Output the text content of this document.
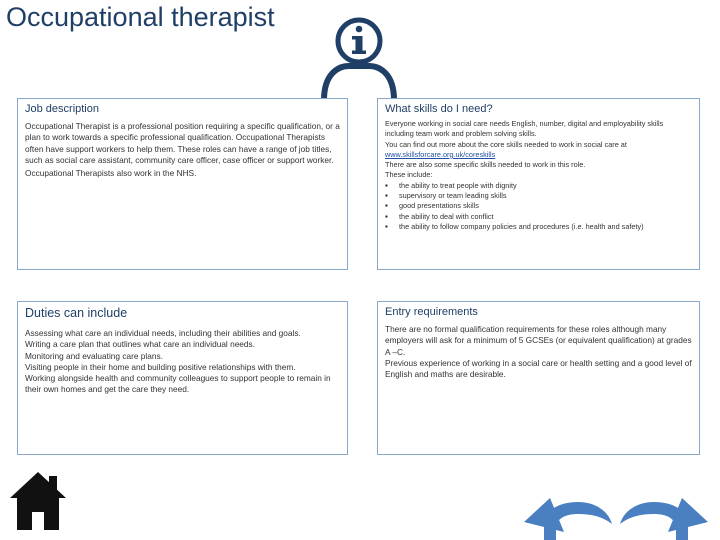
Occupational therapist
Job description

Occupational Therapist is a professional position requiring a specific qualification, or a plan to work towards a specific professional qualification. Occupational Therapists often have support workers to help them. These roles can have a range of job titles, such as social care assistant, community care officer, case officer or support worker.

Occupational Therapists also work in the NHS.

What skills do I need?

Everyone working in social care needs English, number, digital and employability skills including team work and problem solving skills.

You can find out more about the core skills needed to work in social care at www.skillsforcare.org.uk/coreskills

There are also some specific skills needed to work in this role.

These include:

▪ the ability to treat people with dignity
▪ supervisory or team leading skills
▪ good presentations skills
▪ the ability to deal with conflict
▪ the ability to follow company policies and procedures (i.e. health and safety)
Duties can include

Assessing what care an individual needs, including their abilities and goals.

Writing a care plan that outlines what care an individual needs.

Monitoring and evaluating care plans.

Visiting people in their home and building positive relationships with them.

Working alongside health and community colleagues to support people to remain in their own homes and get the care they need.

Entry requirements

There are no formal qualification requirements for these roles although many employers will ask for a minimum of 5 GCSEs (or equivalent qualification) at grades A –C.

Previous experience of working in a social care or health setting and a good level of English and maths are desirable.
